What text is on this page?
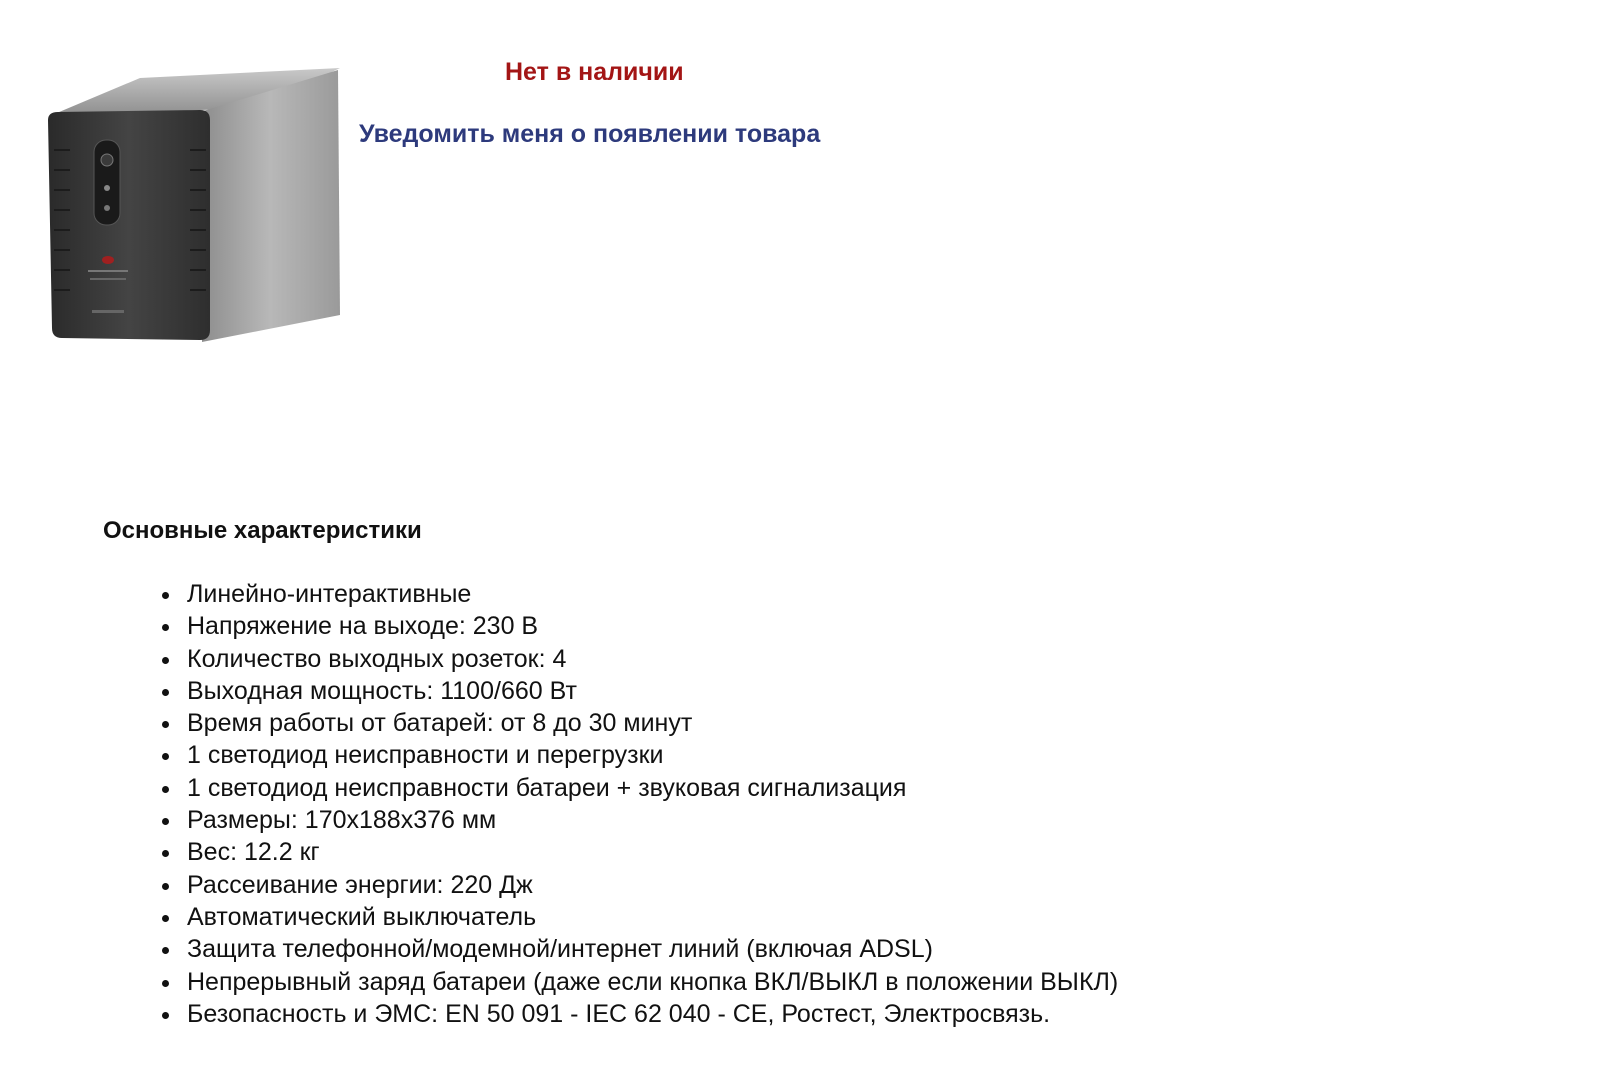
Нет в наличии
Уведомить меня о появлении товара
Основные характеристики
• Линейно-интерактивные
• Напряжение на выходе: 230 В
• Количество выходных розеток: 4
• Выходная мощность: 1100/660 Вт
• Время работы от батарей: от 8 до 30 минут
• 1 светодиод неисправности и перегрузки
• 1 светодиод неисправности батареи + звуковая сигнализация
• Размеры: 170х188х376 мм
• Вес: 12.2 кг
• Рассеивание энергии: 220 Дж
• Автоматический выключатель
• Защита телефонной/модемной/интернет линий (включая ADSL)
• Непрерывный заряд батареи (даже если кнопка ВКЛ/ВЫКЛ в положении ВЫКЛ)
• Безопасность и ЭМС: EN 50 091 - IEC 62 040 - CE, Ростест, Электросвязь.
